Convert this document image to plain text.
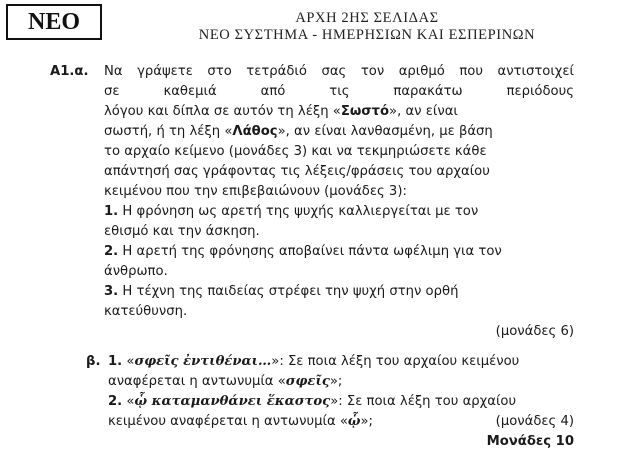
ΝΕΟ	ΑΡΧΗ 2ΗΣ ΣΕΛΙΔΑΣ
ΝΕΟ ΣΥΣΤΗΜΑ - ΗΜΕΡΗΣΙΩΝ ΚΑΙ ΕΣΠΕΡΙΝΩΝ
Α1.α. Να γράψετε στο τετράδιό σας τον αριθμό που αντιστοιχεί
σε καθεμιά από τις παρακάτω περιόδους
λόγου και δίπλα σε αυτόν τη λέξη «Σωστό», αν είναι
σωστή, ή τη λέξη «Λάθος», αν είναι λανθασμένη, με βάση
το αρχαίο κείμενο (μονάδες 3) και να τεκμηριώσετε κάθε
απάντησή σας γράφοντας τις λέξεις/φράσεις του αρχαίου
κειμένου που την επιβεβαιώνουν (μονάδες 3):
1. Η φρόνηση ως αρετή της ψυχής καλλιεργείται με τον
εθισμό και την άσκηση.
2. Η αρετή της φρόνησης αποβαίνει πάντα ωφέλιμη για τον
άνθρωπο.
3. Η τέχνη της παιδείας στρέφει την ψυχή στην ορθή
κατεύθυνση.
(μονάδες 6)
β. 1. «σφεῖς ἐντιθέναι…»: Σε ποια λέξη του αρχαίου κειμένου
αναφέρεται η αντωνυμία «σφεῖς»;
2. «ᾧ καταμανθάνει ἕκαστος»: Σε ποια λέξη του αρχαίου
κειμένου αναφέρεται η αντωνυμία «ᾧ»;	(μονάδες 4)
Μονάδες 10
